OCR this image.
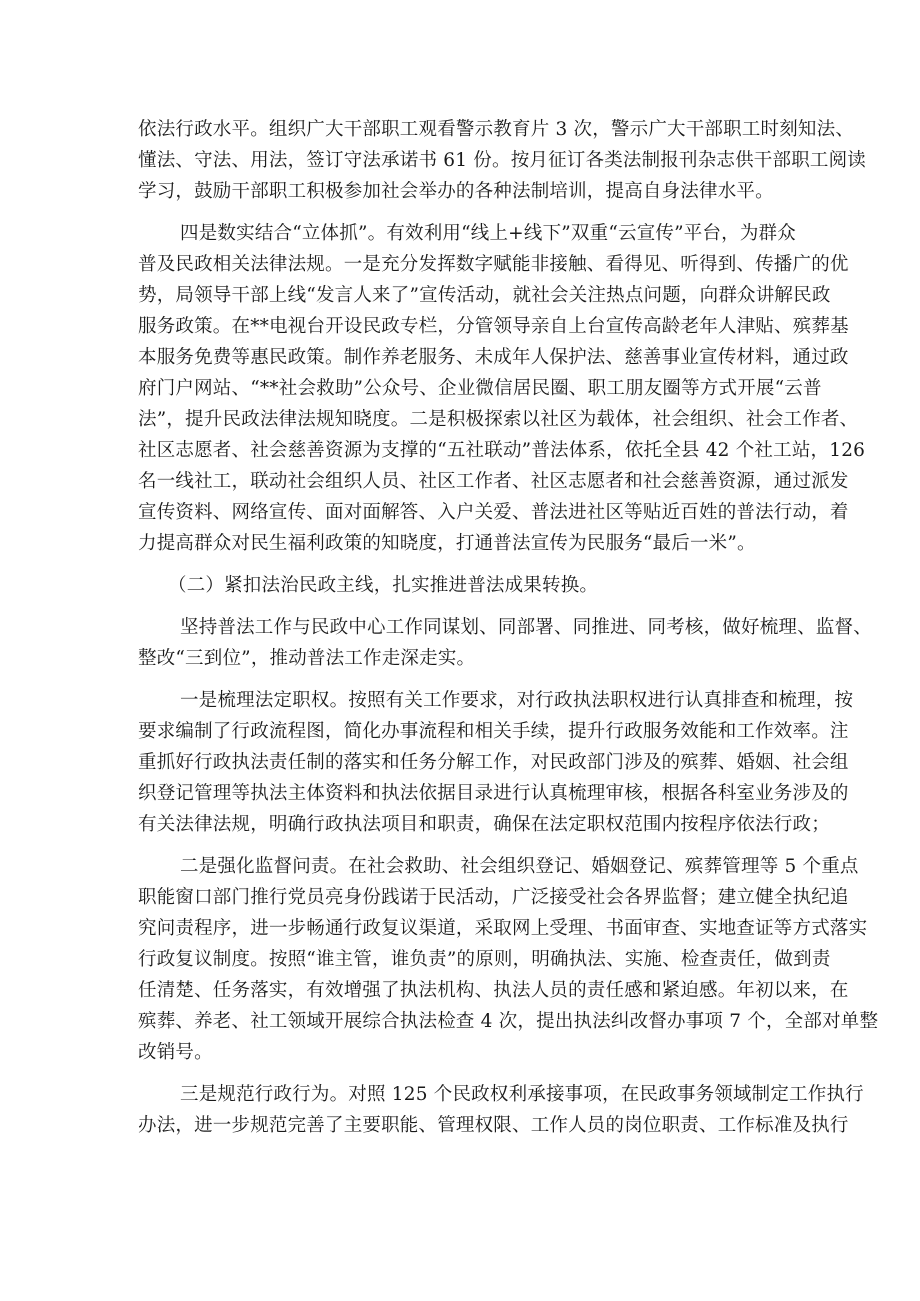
依法行政水平。组织广大干部职工观看警示教育片 3 次，警示广大干部职工时刻知法、
懂法、守法、用法，签订守法承诺书 61 份。按月征订各类法制报刊杂志供干部职工阅读
学习，鼓励干部职工积极参加社会举办的各种法制培训，提高自身法律水平。
四是数实结合“立体抓”。有效利用“线上+线下”双重“云宣传”平台，为群众
普及民政相关法律法规。一是充分发挥数字赋能非接触、看得见、听得到、传播广的优
势，局领导干部上线“发言人来了”宣传活动，就社会关注热点问题，向群众讲解民政
服务政策。在**电视台开设民政专栏，分管领导亲自上台宣传高龄老年人津贴、殡葬基
本服务免费等惠民政策。制作养老服务、未成年人保护法、慈善事业宣传材料，通过政
府门户网站、“**社会救助”公众号、企业微信居民圈、职工朋友圈等方式开展“云普
法”，提升民政法律法规知晓度。二是积极探索以社区为载体，社会组织、社会工作者、
社区志愿者、社会慈善资源为支撑的“五社联动”普法体系，依托全县 42 个社工站，126
名一线社工，联动社会组织人员、社区工作者、社区志愿者和社会慈善资源，通过派发
宣传资料、网络宣传、面对面解答、入户关爱、普法进社区等贴近百姓的普法行动，着
力提高群众对民生福利政策的知晓度，打通普法宣传为民服务“最后一米”。
（二）紧扣法治民政主线，扎实推进普法成果转换。
坚持普法工作与民政中心工作同谋划、同部署、同推进、同考核，做好梳理、监督、
整改“三到位”，推动普法工作走深走实。
一是梳理法定职权。按照有关工作要求，对行政执法职权进行认真排查和梳理，按
要求编制了行政流程图，简化办事流程和相关手续，提升行政服务效能和工作效率。注
重抓好行政执法责任制的落实和任务分解工作，对民政部门涉及的殡葬、婚姻、社会组
织登记管理等执法主体资料和执法依据目录进行认真梳理审核，根据各科室业务涉及的
有关法律法规，明确行政执法项目和职责，确保在法定职权范围内按程序依法行政；
二是强化监督问责。在社会救助、社会组织登记、婚姻登记、殡葬管理等 5 个重点
职能窗口部门推行党员亮身份践诺于民活动，广泛接受社会各界监督；建立健全执纪追
究问责程序，进一步畅通行政复议渠道，采取网上受理、书面审查、实地查证等方式落实
行政复议制度。按照“谁主管，谁负责”的原则，明确执法、实施、检查责任，做到责
任清楚、任务落实，有效增强了执法机构、执法人员的责任感和紧迫感。年初以来，在
殡葬、养老、社工领域开展综合执法检查 4 次，提出执法纠改督办事项 7 个，全部对单整
改销号。
三是规范行政行为。对照 125 个民政权利承接事项，在民政事务领域制定工作执行
办法，进一步规范完善了主要职能、管理权限、工作人员的岗位职责、工作标准及执行
